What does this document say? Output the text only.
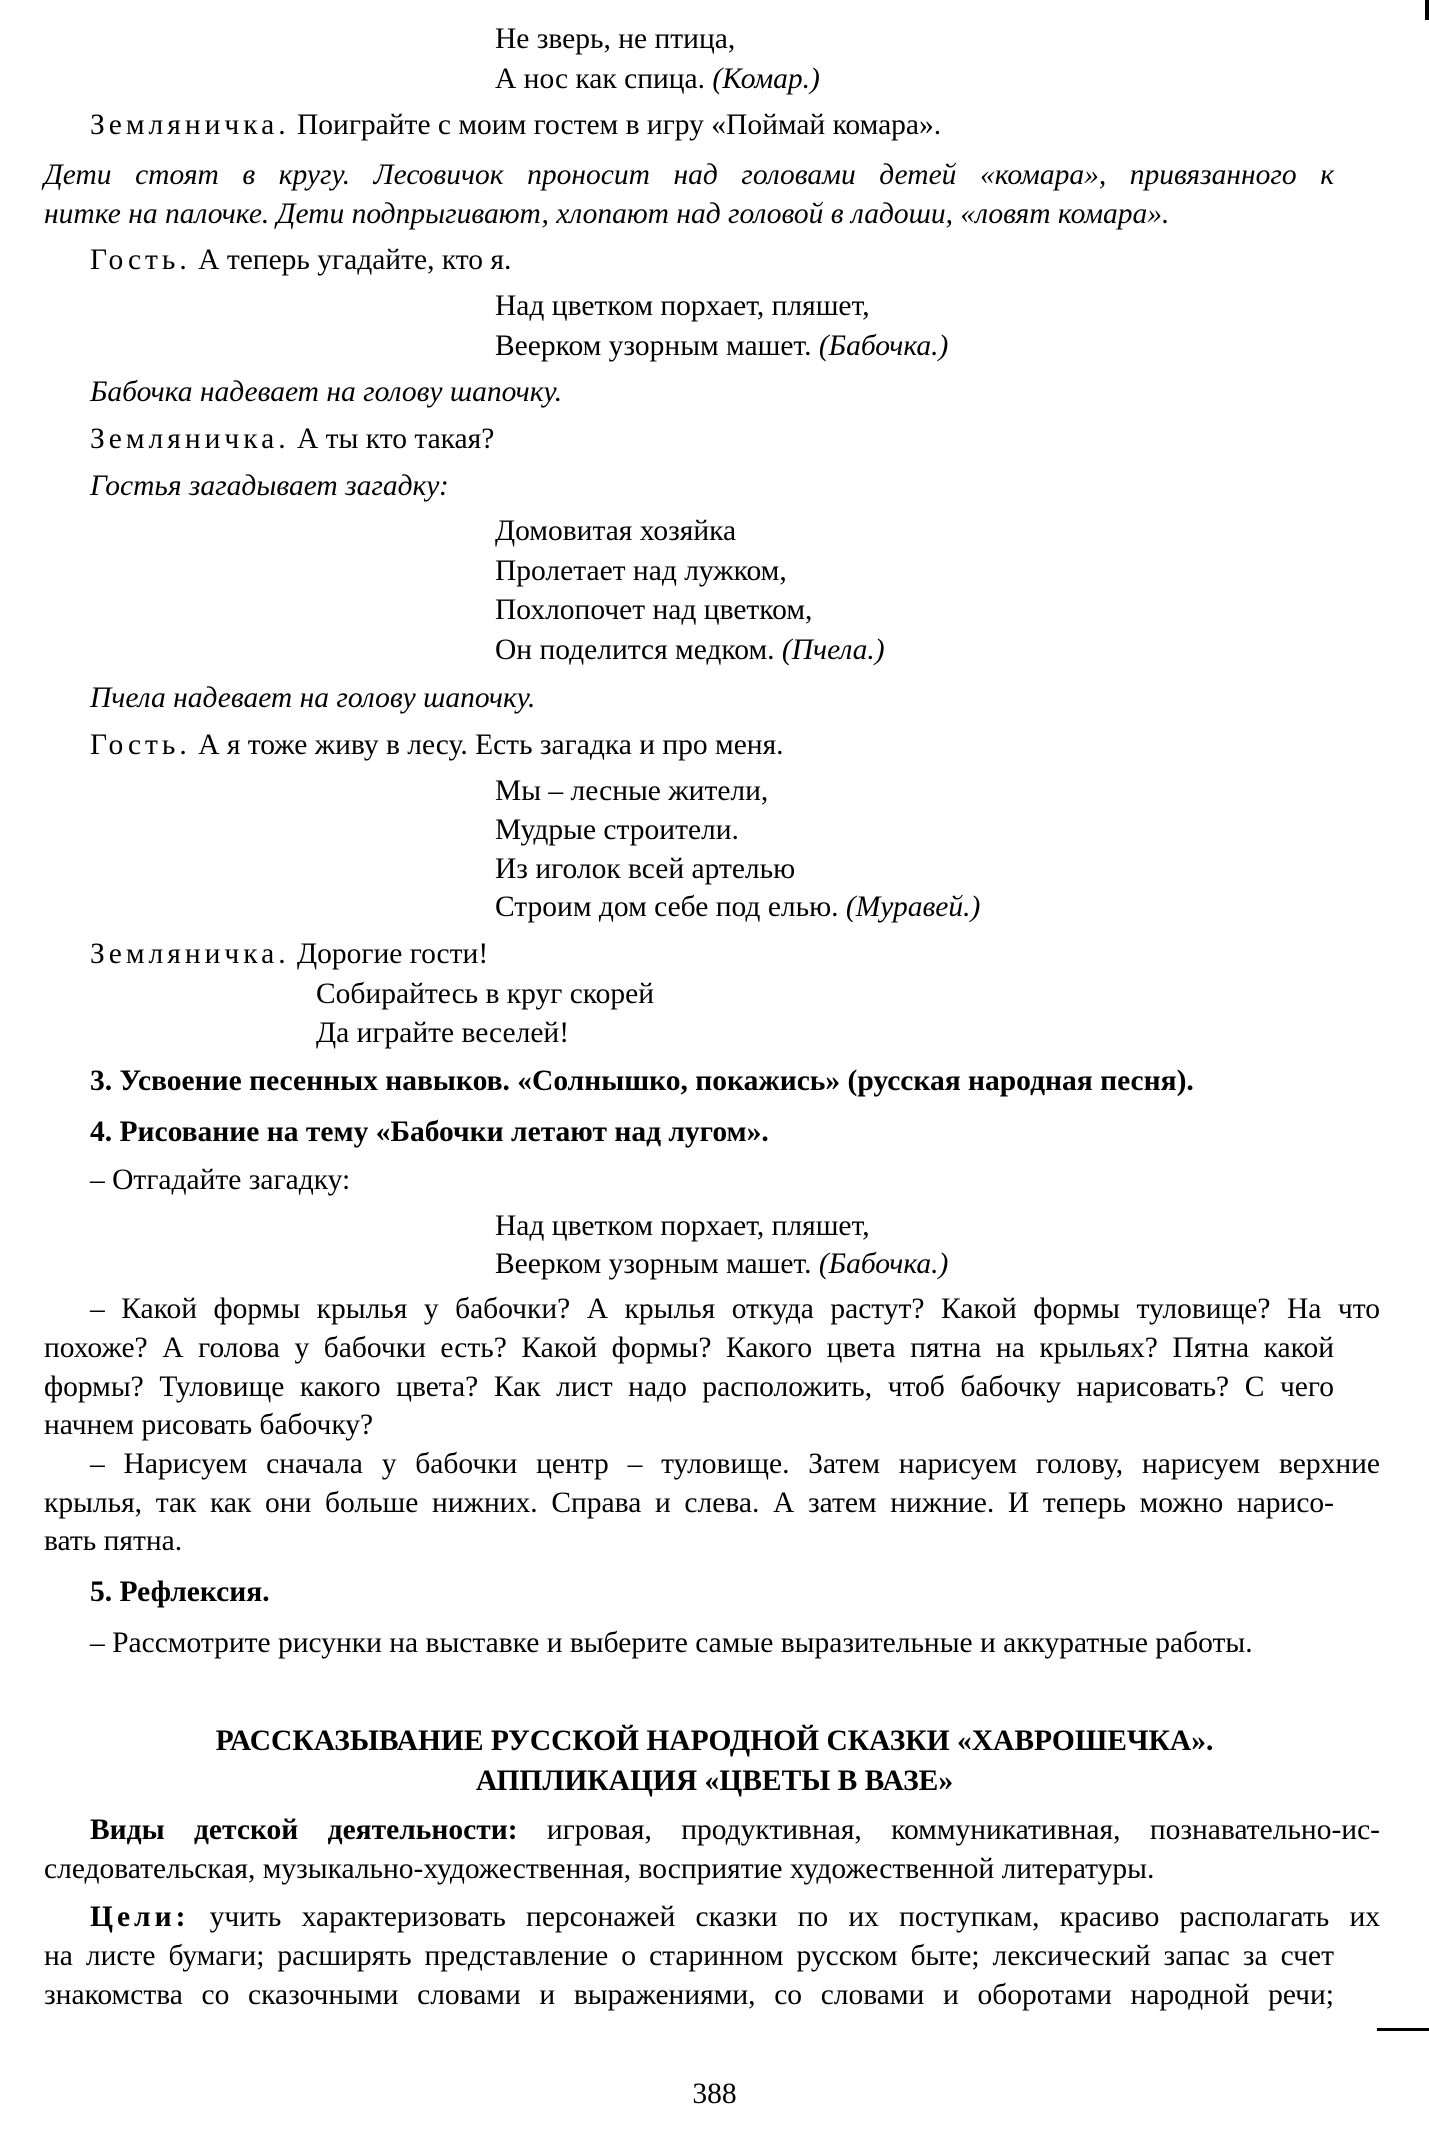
Не зверь, не птица,
А нос как спица. (Комар.)
Земляничка. Поиграйте с моим гостем в игру «Поймай комара».
Дети стоят в кругу. Лесовичок проносит над головами детей «комара», привязанного к
нитке на палочке. Дети подпрыгивают, хлопают над головой в ладоши, «ловят комара».
Гость. А теперь угадайте, кто я.
Над цветком порхает, пляшет,
Веерком узорным машет. (Бабочка.)
Бабочка надевает на голову шапочку.
Земляничка. А ты кто такая?
Гостья загадывает загадку:
Домовитая хозяйка
Пролетает над лужком,
Похлопочет над цветком,
Он поделится медком. (Пчела.)
Пчела надевает на голову шапочку.
Гость. А я тоже живу в лесу. Есть загадка и про меня.
Мы – лесные жители,
Мудрые строители.
Из иголок всей артелью
Строим дом себе под елью. (Муравей.)
Земляничка. Дорогие гости!
Собирайтесь в круг скорей
Да играйте веселей!
3. Усвоение песенных навыков. «Солнышко, покажись» (русская народная песня).
4. Рисование на тему «Бабочки летают над лугом».
– Отгадайте загадку:
Над цветком порхает, пляшет,
Веерком узорным машет. (Бабочка.)
– Какой формы крылья у бабочки? А крылья откуда растут? Какой формы туловище? На что
похоже? А голова у бабочки есть? Какой формы? Какого цвета пятна на крыльях? Пятна какой
формы? Туловище какого цвета? Как лист надо расположить, чтоб бабочку нарисовать? С чего
начнем рисовать бабочку?
– Нарисуем сначала у бабочки центр – туловище. Затем нарисуем голову, нарисуем верхние
крылья, так как они больше нижних. Справа и слева. А затем нижние. И теперь можно нарисо-
вать пятна.
5. Рефлексия.
– Рассмотрите рисунки на выставке и выберите самые выразительные и аккуратные работы.
РАССКАЗЫВАНИЕ РУССКОЙ НАРОДНОЙ СКАЗКИ «ХАВРОШЕЧКА».
АППЛИКАЦИЯ «ЦВЕТЫ В ВАЗЕ»
Виды детской деятельности: игровая, продуктивная, коммуникативная, познавательно-ис-
следовательская, музыкально-художественная, восприятие художественной литературы.
Цели: учить характеризовать персонажей сказки по их поступкам, красиво располагать их
на листе бумаги; расширять представление о старинном русском быте; лексический запас за счет
знакомства со сказочными словами и выражениями, со словами и оборотами народной речи;
388
